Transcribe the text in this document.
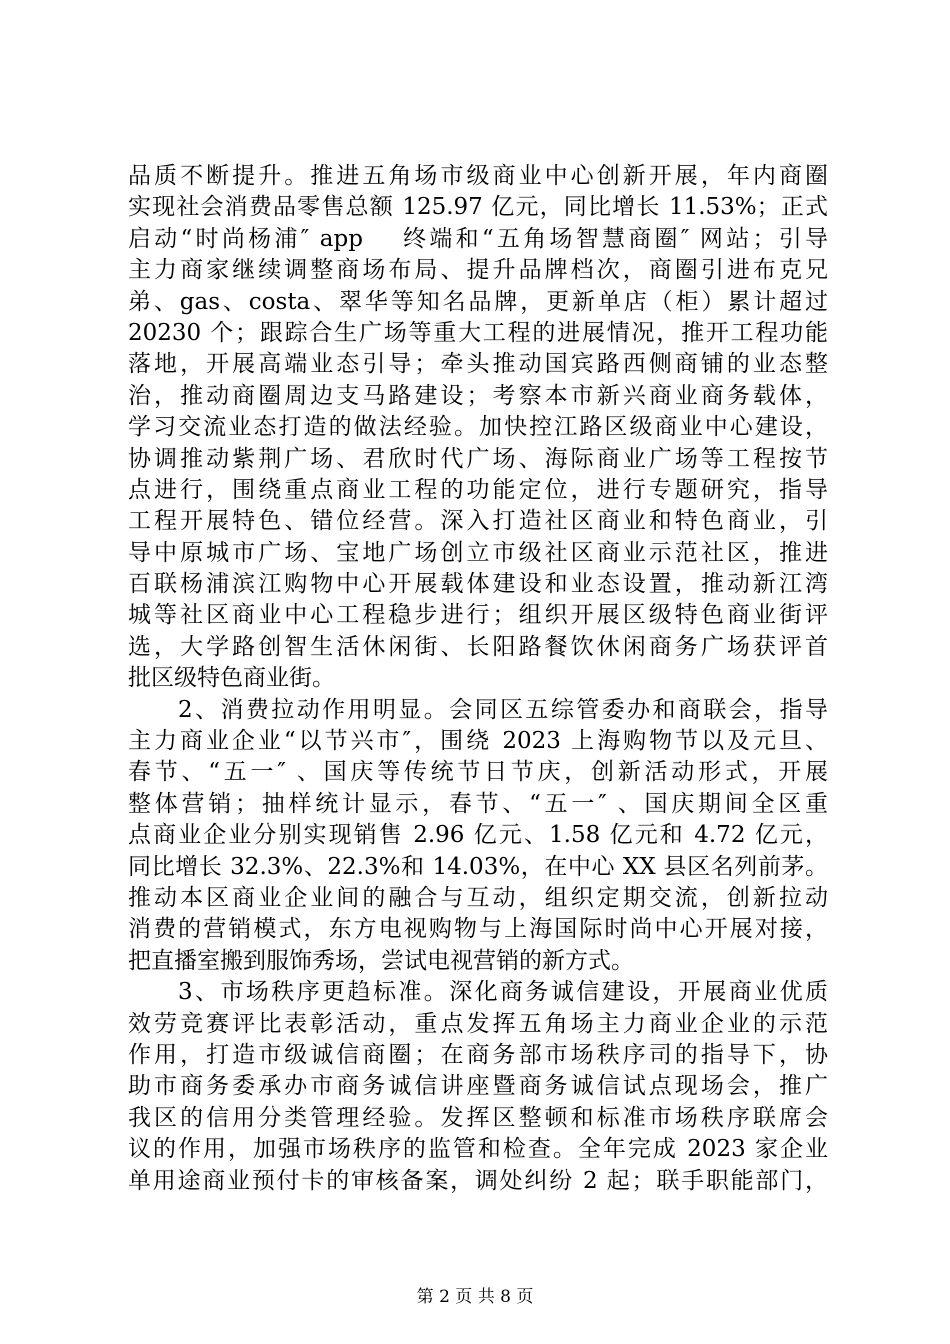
品质不断提升。推进五角场市级商业中心创新开展，年内商圈
实现社会消费品零售总额 125.97 亿元，同比增长 11.53%；正式
启动“时尚杨浦″ app　 终端和“五角场智慧商圈″ 网站；引导
主力商家继续调整商场布局、提升品牌档次，商圈引进布克兄
弟、gas、costa、翠华等知名品牌，更新单店（柜）累计超过
20230 个；跟踪合生广场等重大工程的进展情况，推开工程功能
落地，开展高端业态引导；牵头推动国宾路西侧商铺的业态整
治，推动商圈周边支马路建设；考察本市新兴商业商务载体，
学习交流业态打造的做法经验。加快控江路区级商业中心建设，
协调推动紫荆广场、君欣时代广场、海际商业广场等工程按节
点进行，围绕重点商业工程的功能定位，进行专题研究，指导
工程开展特色、错位经营。深入打造社区商业和特色商业，引
导中原城市广场、宝地广场创立市级社区商业示范社区，推进
百联杨浦滨江购物中心开展载体建设和业态设置，推动新江湾
城等社区商业中心工程稳步进行；组织开展区级特色商业街评
选，大学路创智生活休闲街、长阳路餐饮休闲商务广场获评首
批区级特色商业街。
2、消费拉动作用明显。会同区五综管委办和商联会，指导
主力商业企业“以节兴市″，围绕 2023 上海购物节以及元旦、
春节、“五一″ 、国庆等传统节日节庆，创新活动形式，开展
整体营销；抽样统计显示，春节、“五一″ 、国庆期间全区重
点商业企业分别实现销售 2.96 亿元、1.58 亿元和 4.72 亿元，
同比增长 32.3%、22.3%和 14.03%，在中心 XX 县区名列前茅。
推动本区商业企业间的融合与互动，组织定期交流，创新拉动
消费的营销模式，东方电视购物与上海国际时尚中心开展对接，
把直播室搬到服饰秀场，尝试电视营销的新方式。
3、市场秩序更趋标准。深化商务诚信建设，开展商业优质
效劳竞赛评比表彰活动，重点发挥五角场主力商业企业的示范
作用，打造市级诚信商圈；在商务部市场秩序司的指导下，协
助市商务委承办市商务诚信讲座暨商务诚信试点现场会，推广
我区的信用分类管理经验。发挥区整顿和标准市场秩序联席会
议的作用，加强市场秩序的监管和检查。全年完成 2023 家企业
单用途商业预付卡的审核备案，调处纠纷 2 起；联手职能部门，
第 2 页 共 8 页
